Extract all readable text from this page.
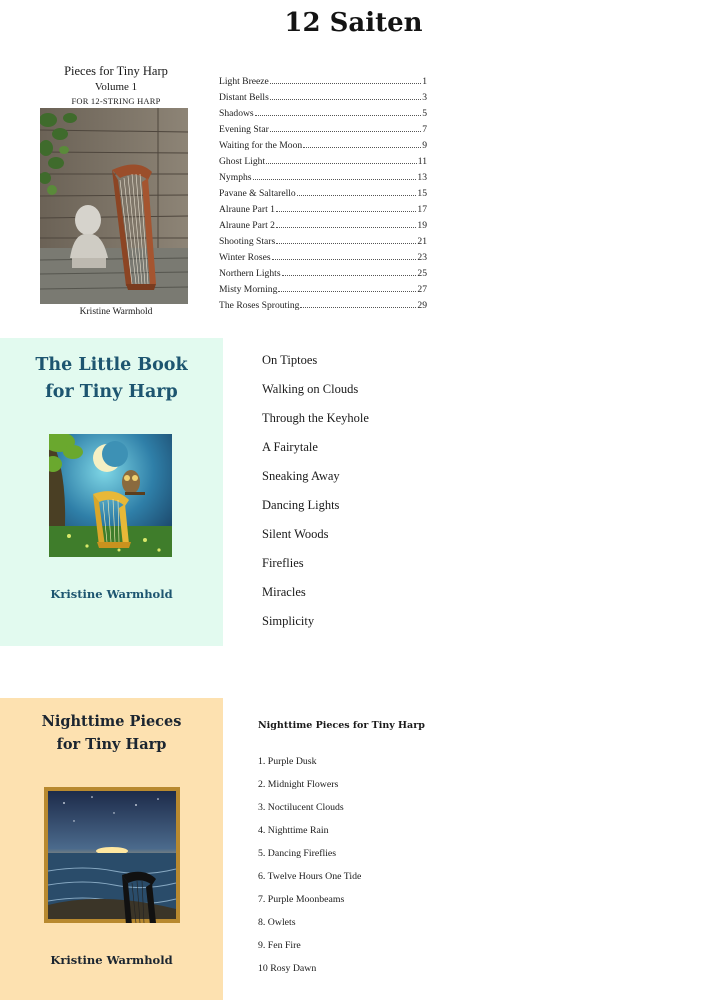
12 Saiten
Pieces for Tiny Harp
Volume 1
FOR 12-STRING HARP
Kristine Warmhold
Light Breeze	1
Distant Bells	3
Shadows	5
Evening Star	7
Waiting for the Moon	9
Ghost Light	11
Nymphs	13
Pavane & Saltarello	15
Alraune Part 1	17
Alraune Part 2	19
Shooting Stars	21
Winter Roses	23
Northern Lights	25
Misty Morning	27
The Roses Sprouting	29
The Little Book
for Tiny Harp
Kristine Warmhold
On Tiptoes
Walking on Clouds
Through the Keyhole
A Fairytale
Sneaking Away
Dancing Lights
Silent Woods
Fireflies
Miracles
Simplicity
Nighttime Pieces
for Tiny Harp
Kristine Warmhold
Nighttime Pieces for Tiny Harp
1. Purple Dusk
2. Midnight Flowers
3. Noctilucent Clouds
4. Nighttime Rain
5. Dancing Fireflies
6. Twelve Hours One Tide
7. Purple Moonbeams
8. Owlets
9. Fen Fire
10 Rosy Dawn
